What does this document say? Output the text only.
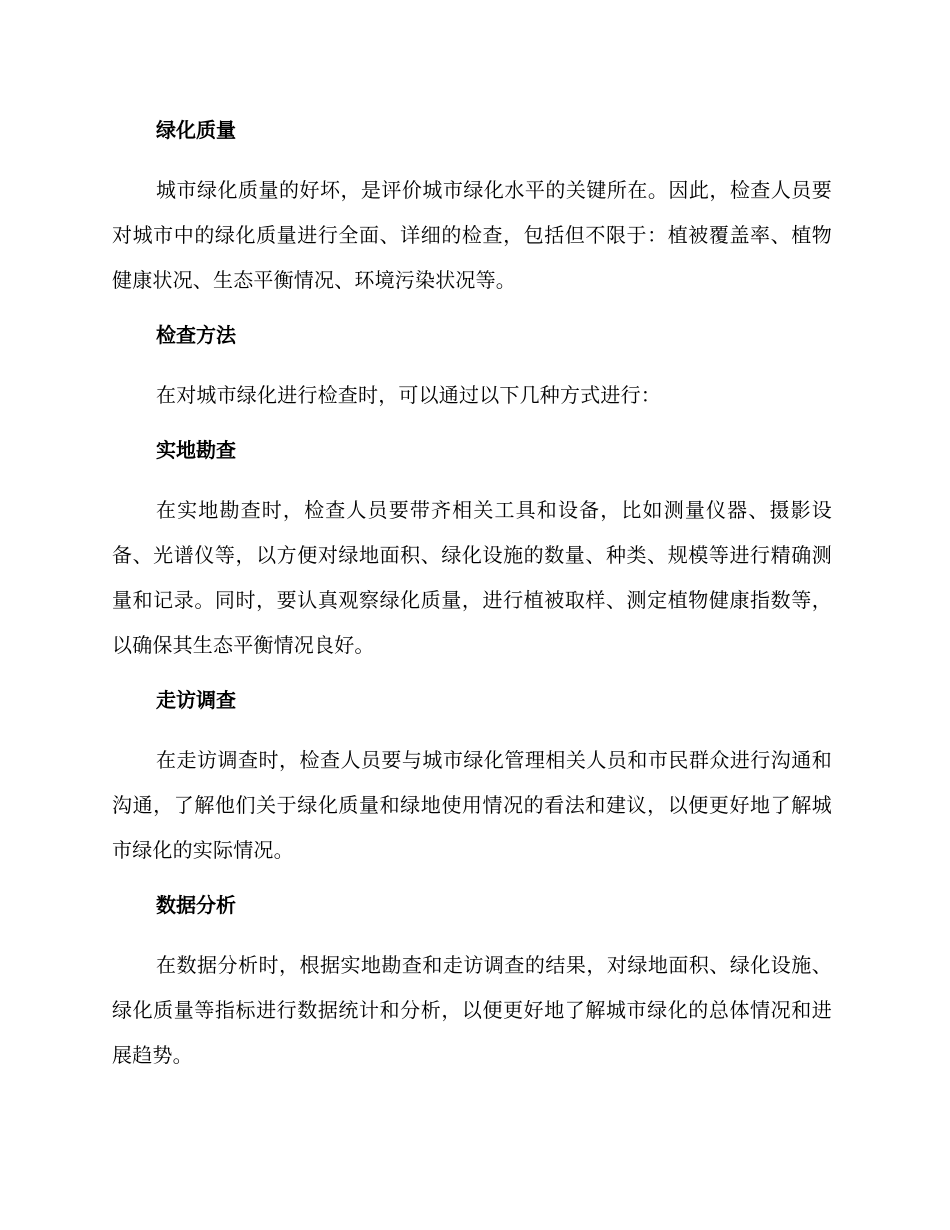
绿化质量

城市绿化质量的好坏，是评价城市绿化水平的关键所在。因此，检查人员要对城市中的绿化质量进行全面、详细的检查，包括但不限于：植被覆盖率、植物健康状况、生态平衡情况、环境污染状况等。

检查方法

在对城市绿化进行检查时，可以通过以下几种方式进行：

实地勘查

在实地勘查时，检查人员要带齐相关工具和设备，比如测量仪器、摄影设备、光谱仪等，以方便对绿地面积、绿化设施的数量、种类、规模等进行精确测量和记录。同时，要认真观察绿化质量，进行植被取样、测定植物健康指数等，以确保其生态平衡情况良好。

走访调查

在走访调查时，检查人员要与城市绿化管理相关人员和市民群众进行沟通和沟通，了解他们关于绿化质量和绿地使用情况的看法和建议，以便更好地了解城市绿化的实际情况。

数据分析

在数据分析时，根据实地勘查和走访调查的结果，对绿地面积、绿化设施、绿化质量等指标进行数据统计和分析，以便更好地了解城市绿化的总体情况和进展趋势。
